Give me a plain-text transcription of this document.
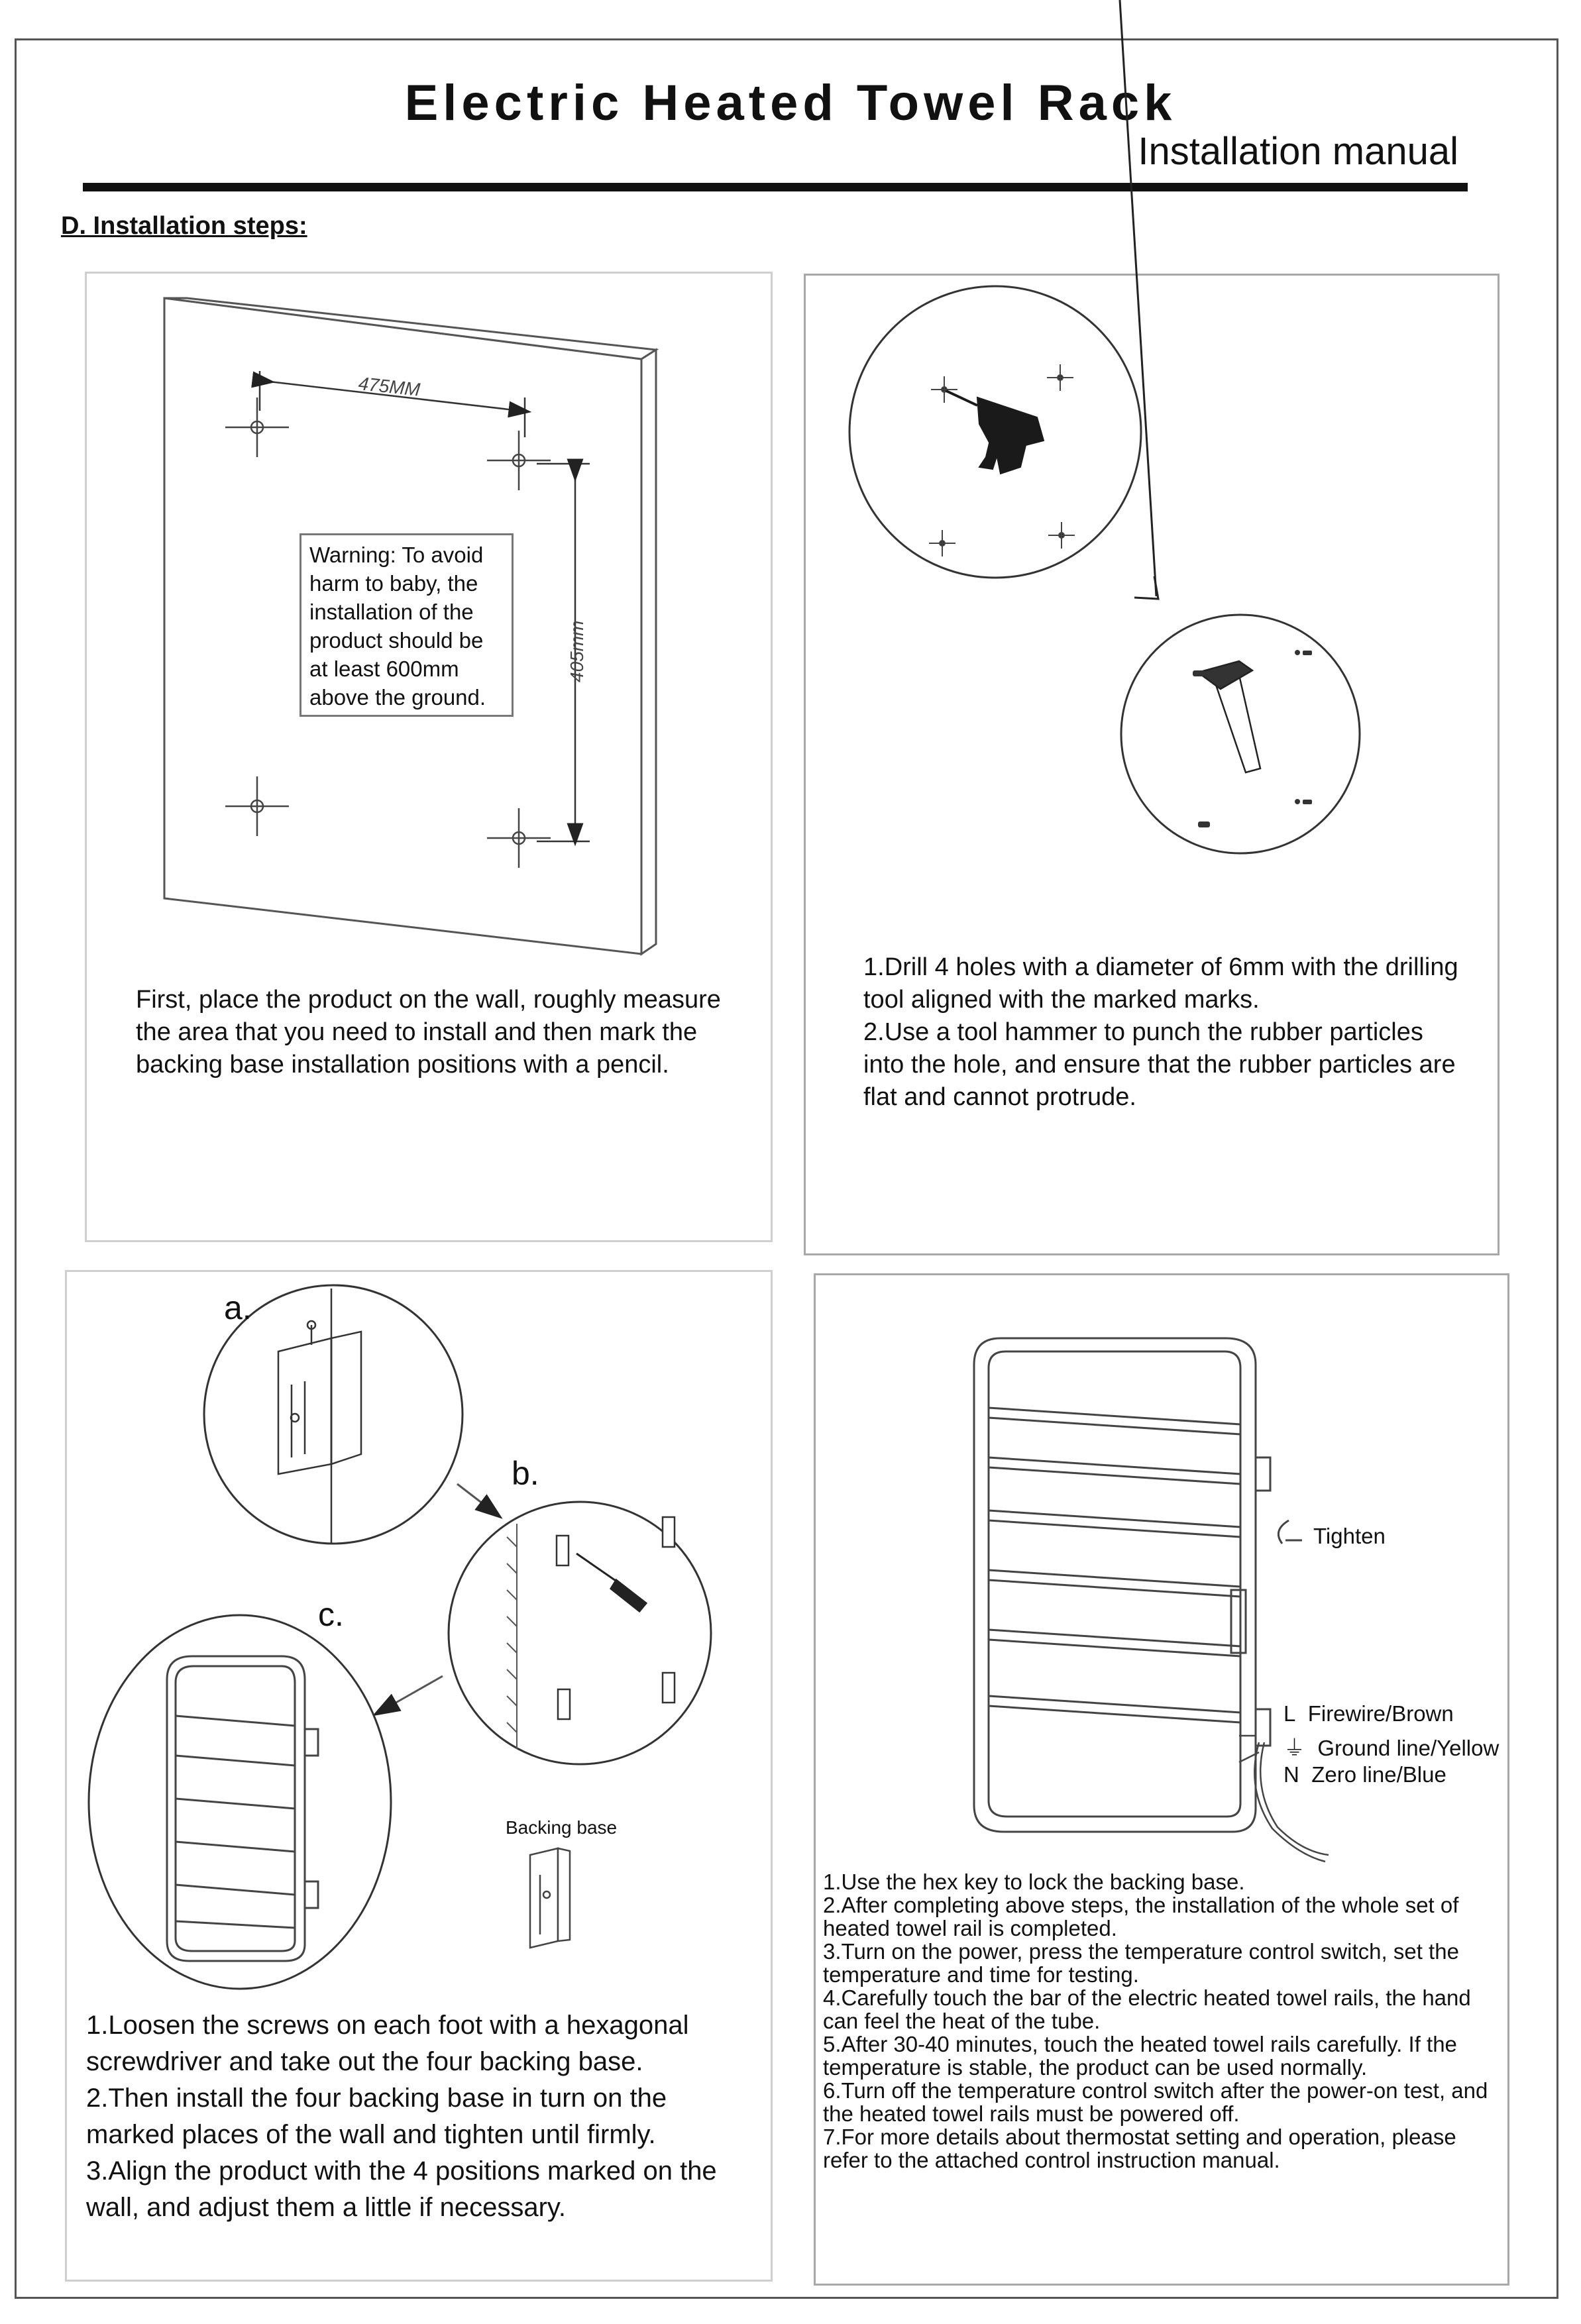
Electric Heated Towel Rack
Installation manual
D. Installation steps:
475MM
405mm
Warning: To avoid harm to baby, the installation of the product should be at least 600mm above the ground.
First, place the product on the wall, roughly measure the area that you need to install and then mark the backing base installation positions with a pencil.
1.Drill 4 holes with a diameter of 6mm with the drilling tool aligned with the marked marks.
2.Use a tool hammer to punch the rubber particles into the hole, and ensure that the rubber particles are flat and cannot protrude.
a.
b.
c.
Backing base
1.Loosen the screws on each foot with a hexagonal screwdriver and take out the four backing base.
2.Then install the four backing base in turn on the marked places of the wall and tighten until firmly.
3.Align the product with the 4 positions marked on the wall, and adjust them a little if necessary.
Tighten
L Firewire/Brown
⏚ Ground line/Yellow
N Zero line/Blue
1.Use the hex key to lock the backing base.
2.After completing above steps, the installation of the whole set of heated towel rail is completed.
3.Turn on the power, press the temperature control switch, set the temperature and time for testing.
4.Carefully touch the bar of the electric heated towel rails, the hand can feel the heat of the tube.
5.After 30-40 minutes, touch the heated towel rails carefully. If the temperature is stable, the product can be used normally.
6.Turn off the temperature control switch after the power-on test, and the heated towel rails must be powered off.
7.For more details about thermostat setting and operation, please refer to the attached control instruction manual.
